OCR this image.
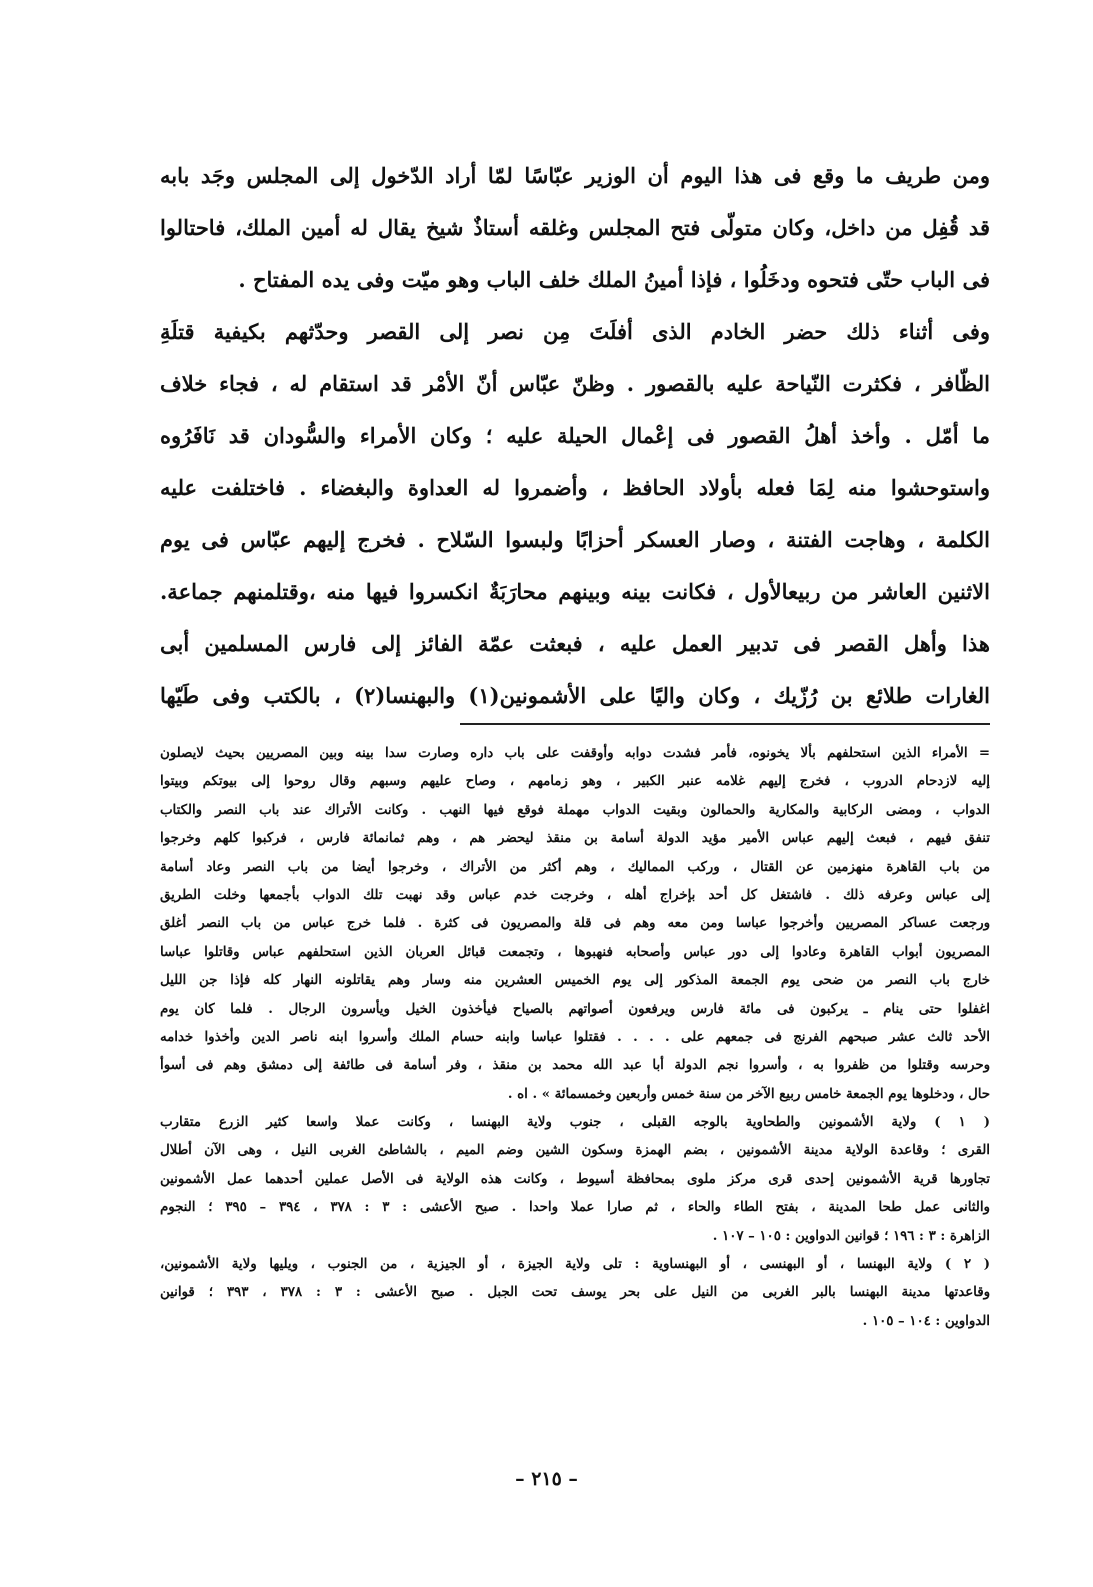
ومن طريف ما وقع فى هذا اليوم أن الوزير عبّاسًا لمّا أراد الدّخول إلى المجلس وجَد بابه
قد قُفِل من داخل، وكان متولّى فتح المجلس وغلقه أستاذٌ شيخ يقال له أمين الملك، فاحتالوا
فى الباب حتّى فتحوه ودخَلُوا ، فإذا أمينُ الملك خلف الباب وهو ميّت وفى يده المفتاح .
وفى أثناء ذلك حضر الخادم الذى أفلَتَ مِن نصر إلى القصر وحدّثهم بكيفية قتلَةِ
الظّافر ، فكثرت النّياحة عليه بالقصور . وظنّ عبّاس أنّ الأمْر قد استقام له ، فجاء خلاف
ما أمّل . وأخذ أهلُ القصور فى إعْمال الحيلة عليه ؛ وكان الأمراء والسُّودان قد نَافَرُوه
واستوحشوا منه لِمَا فعله بأولاد الحافظ ، وأضمروا له العداوة والبغضاء . فاختلفت عليه
الكلمة ، وهاجت الفتنة ، وصار العسكر أحزابًا ولبسوا السّلاح . فخرج إليهم عبّاس فى يوم
الاثنين العاشر من ربيعالأول ، فكانت بينه وبينهم محارَبَةٌ انكسروا فيها منه ،وقتلمنهم جماعة.
هذا وأهل القصر فى تدبير العمل عليه ، فبعثت عمّة الفائز إلى فارس المسلمين أبى
الغارات طلائع بن رُزّيك ، وكان واليًا على الأشمونين(١) والبهنسا(٢) ، بالكتب وفى طَيّها
= الأمراء الذين استحلفهم بألا يخونوه، فأمر فشدت دوابه وأوقفت على باب داره وصارت سدا بينه وبين المصريين بحيث لايصلون
إليه لازدحام الدروب ، فخرج إليهم غلامه عنبر الكبير ، وهو زمامهم ، وصاح عليهم وسبهم وقال روحوا إلى بيوتكم وبيتوا
الدواب ، ومضى الركابية والمكارية والحمالون وبقيت الدواب مهملة فوقع فيها النهب . وكانت الأتراك عند باب النصر والكتاب
تنفق فيهم ، فبعث إليهم عباس الأمير مؤيد الدولة أسامة بن منقذ ليحضر هم ، وهم ثمانمائة فارس ، فركبوا كلهم وخرجوا
من باب القاهرة منهزمين عن القتال ، وركب المماليك ، وهم أكثر من الأتراك ، وخرجوا أيضا من باب النصر وعاد أسامة
إلى عباس وعرفه ذلك . فاشتغل كل أحد بإخراج أهله ، وخرجت خدم عباس وقد نهبت تلك الدواب بأجمعها وخلت الطريق
ورجعت عساكر المصريين وأخرجوا عباسا ومن معه وهم فى قلة والمصريون فى كثرة . فلما خرج عباس من باب النصر أغلق
المصريون أبواب القاهرة وعادوا إلى دور عباس وأصحابه فنهبوها ، وتجمعت قبائل العربان الذين استحلفهم عباس وقاتلوا عباسا
خارج باب النصر من ضحى يوم الجمعة المذكور إلى يوم الخميس العشرين منه وسار وهم يقاتلونه النهار كله فإذا جن الليل
اغفلوا حتى ينام ـ يركبون فى مائة فارس ويرفعون أصواتهم بالصياح فيأخذون الخيل ويأسرون الرجال . فلما كان يوم
الأحد ثالث عشر صبحهم الفرنج فى جمعهم على . . . . فقتلوا عباسا وابنه حسام الملك وأسروا ابنه ناصر الدين وأخذوا خدامه
وحرسه وقتلوا من ظفروا به ، وأسروا نجم الدولة أبا عبد الله محمد بن منقذ ، وفر أسامة فى طائفة إلى دمشق وهم فى أسوأ
حال ، ودخلوها يوم الجمعة خامس ربيع الآخر من سنة خمس وأربعين وخمسمائة » . اه .
( ١ ) ولاية الأشمونين والطحاوية بالوجه القبلى ، جنوب ولاية البهنسا ، وكانت عملا واسعا كثير الزرع متقارب
القرى ؛ وقاعدة الولاية مدينة الأشمونين ، بضم الهمزة وسكون الشين وضم الميم ، بالشاطئ الغربى النيل ، وهى الآن أطلال
تجاورها قرية الأشمونين إحدى قرى مركز ملوى بمحافظة أسيوط ، وكانت هذه الولاية فى الأصل عملين أحدهما عمل الأشمونين
والثانى عمل طحا المدينة ، بفتح الطاء والحاء ، ثم صارا عملا واحدا . صبح الأعشى : ٣ : ٣٧٨ ، ٣٩٤ – ٣٩٥ ؛ النجوم
الزاهرة : ٣ : ١٩٦ ؛ قوانين الدواوين : ١٠٥ – ١٠٧ .
( ٢ ) ولاية البهنسا ، أو البهنسى ، أو البهنساوية : تلى ولاية الجيزة ، أو الجيزية ، من الجنوب ، ويليها ولاية الأشمونين،
وقاعدتها مدينة البهنسا بالبر الغربى من النيل على بحر يوسف تحت الجبل . صبح الأعشى : ٣ : ٣٧٨ ، ٣٩٣ ؛ قوانين
الدواوين : ١٠٤ – ١٠٥ .
– ٢١٥ –
